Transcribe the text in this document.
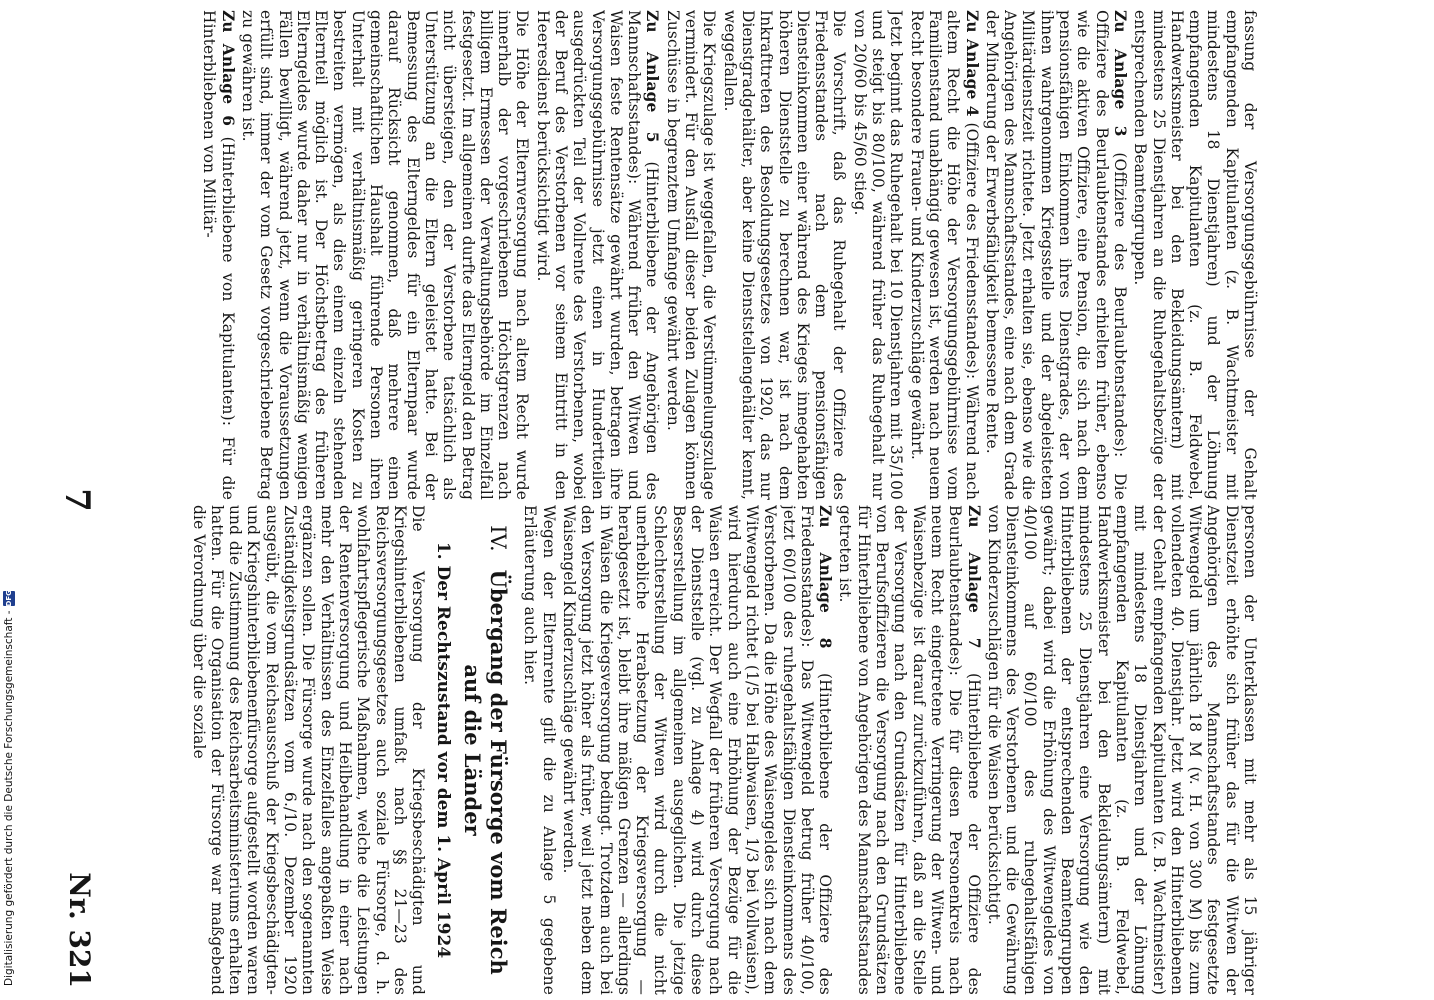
7
Nr. 321

fassung der Versorgungsgebührnisse der Gehalt empfangenden Kapitulanten (z. B. Wachtmeister mit mindestens 18 Dienstjahren) und der Löhnung empfangenden Kapitulanten (z. B. Feldwebel, Handwerksmeister bei den Bekleidungsämtern) mit mindestens 25 Dienstjahren an die Ruhegehaltsbezüge der entsprechenden Beamtengruppen.

Zu Anlage 3 (Offiziere des Beurlaubtenstandes): Die Offiziere des Beurlaubtenstandes erhielten früher, ebenso wie die aktiven Offiziere, eine Pension, die sich nach dem pensionsfähigen Einkommen ihres Dienstgrades, der von ihnen wahrgenommen Kriegsstelle und der abgeleisteten Militärdienstzeit richtete. Jetzt erhalten sie, ebenso wie die Angehörigen des Mannschaftsstandes, eine nach dem Grade der Minderung der Erwerbsfähigkeit bemessene Rente.

Zu Anlage 4 (Offiziere des Friedensstandes): Während nach altem Recht die Höhe der Versorgungsgebührnisse vom Familienstand unabhängig gewesen ist, werden nach neuem Recht besondere Frauen- und Kinderzuschläge gewährt.

Jetzt beginnt das Ruhegehalt bei 10 Dienstjahren mit 35/100 und steigt bis 80/100, während früher das Ruhegehalt nur von 20/60 bis 45/60 stieg.

Die Vorschrift, daß das Ruhegehalt der Offiziere des Friedensstandes nach dem pensionsfähigen Diensteinkommen einer während des Krieges innegehabten höheren Dienststelle zu berechnen war, ist nach dem Inkrafttreten des Besoldungsgesetzes von 1920, das nur Dienstgradgehälter, aber keine Dienststellengehälter kennt, weggefallen.

Die Kriegszulage ist weggefallen, die Verstümmelungszulage vermindert. Für den Ausfall dieser beiden Zulagen können Zuschüsse in begrenztem Umfange gewährt werden.

Zu Anlage 5 (Hinterbliebene der Angehörigen des Mannschaftsstandes): Während früher den Witwen und Waisen feste Rentensätze gewährt wurden, betragen ihre Versorgungsgebührnisse jetzt einen in Hundertteilen ausgedrückten Teil der Vollrente des Verstorbenen, wobei der Beruf des Verstorbenen vor seinem Eintritt in den Heeresdienst berücksichtigt wird.

Die Höhe der Elternversorgung nach altem Recht wurde innerhalb der vorgeschriebenen Höchstgrenzen nach billigem Ermessen der Verwaltungsbehörde im Einzelfall festgesetzt. Im allgemeinen durfte das Elterngeld den Betrag nicht übersteigen, den der Verstorbene tatsächlich als Unterstützung an die Eltern geleistet hatte. Bei der Bemessung des Elterngeldes für ein Elternpaar wurde darauf Rücksicht genommen, daß mehrere einen gemeinschaftlichen Haushalt führende Personen ihren Unterhalt mit verhältnismäßig geringeren Kosten zu bestreiten vermögen, als dies einem einzeln stehenden Elternteil möglich ist. Der Höchstbetrag des früheren Elterngeldes wurde daher nur in verhältnismäßig wenigen Fällen bewilligt, während jetzt, wenn die Voraussetzungen erfüllt sind, immer der vom Gesetz vorgeschriebene Betrag zu gewähren ist.

Zu Anlage 6 (Hinterbliebene von Kapitulanten): Für die Hinterbliebenen von Militär-

personen der Unterklassen mit mehr als 15 jähriger Dienstzeit erhöhte sich früher das für die Witwen der Angehörigen des Mannschaftsstandes festgesetzte Witwengeld um jährlich 18 M (v. H. von 300 M) bis zum vollendeten 40. Dienstjahr. Jetzt wird den Hinterbliebenen der Gehalt empfangenden Kapitulanten (z. B. Wachtmeister) mit mindestens 18 Dienstjahren und der Löhnung empfangenden Kapitulanten (z. B. Feldwebel, Handwerksmeister bei den Bekleidungsämtern) mit mindestens 25 Dienstjahren eine Versorgung wie den Hinterbliebenen der entsprechenden Beamtengruppen gewährt; dabei wird die Erhöhung des Witwengeldes von 40/100 auf 60/100 des ruhegehaltsfähigen Diensteinkommens des Verstorbenen und die Gewährung von Kinderzuschlägen für die Waisen berücksichtigt.

Zu Anlage 7 (Hinterbliebene der Offiziere des Beurlaubtenstandes): Die für diesen Personenkreis nach neuem Recht eingetretene Verringerung der Witwen- und Waisenbezüge ist darauf zurückzuführen, daß an die Stelle der Versorgung nach den Grundsätzen für Hinterbliebene von Berufsoffizieren die Versorgung nach den Grundsätzen für Hinterbliebene von Angehörigen des Mannschaftsstandes getreten ist.

Zu Anlage 8 (Hinterbliebene der Offiziere des Friedensstandes): Das Witwengeld betrug früher 40/100, jetzt 60/100 des ruhegehaltsfähigen Diensteinkommens des Verstorbenen. Da die Höhe des Waisengeldes sich nach dem Witwengeld richtet (1/5 bei Halbwaisen, 1/3 bei Vollwaisen), wird hierdurch auch eine Erhöhung der Bezüge für die Waisen erreicht. Der Wegfall der früheren Versorgung nach der Dienststelle (vgl. zu Anlage 4) wird durch diese Besserstellung im allgemeinen ausgeglichen. Die jetzige Schlechterstellung der Witwen wird durch die nicht unerhebliche Herabsetzung der Kriegsversorgung — herabgesetzt ist, bleibt ihre mäßigen Grenzen — allerdings in Waisen die Kriegsversorgung bedingt. Trotzdem auch bei den Versorgung jetzt höher als früher, weil jetzt neben dem Waisengeld Kinderzuschläge gewährt werden.

Wegen der Elternrente gilt die zu Anlage 5 gegebene Erläuterung auch hier.

IV.Übergang der Fürsorge vom Reich auf die Länder
1. Der Rechtszustand vor dem 1. April 1924

Die Versorgung der Kriegsbeschädigten und Kriegshinterbliebenen umfaßt nach §§ 21—23 des Reichsversorgungsgesetzes auch soziale Fürsorge, d. h. wohlfahrtspflegerische Maßnahmen, welche die Leistungen der Rentenversorgung und Heilbehandlung in einer nach mehr den Verhältnissen des Einzelfalles angepaßten Weise ergänzen sollen. Die Fürsorge wurde nach den sogenannten Zuständigkeitsgrundsätzen vom 6./10. Dezember 1920 ausgeübt, die vom Reichsausschuß der Kriegsbeschädigten- und Kriegshinterbliebenenfürsorge aufgestellt worden waren und die Zustimmung des Reichsarbeitsministeriums erhalten hatten. Für die Organisation der Fürsorge war maßgebend die Verordnung über die soziale

Digitalisierung gefördert durch die Deutsche Forschungsgemeinschaft -DFG
